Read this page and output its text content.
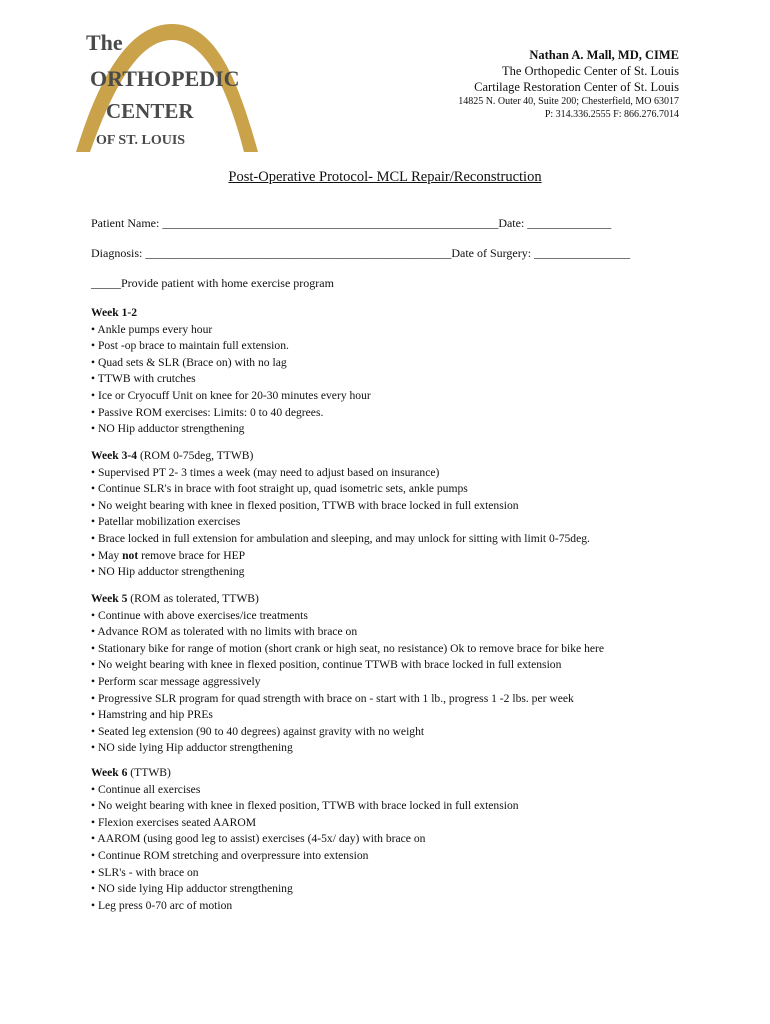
The
ORTHOPEDIC
CENTER
OF ST. LOUIS
Nathan A. Mall, MD, CIME
The Orthopedic Center of St. Louis
Cartilage Restoration Center of St. Louis
14825 N. Outer 40, Suite 200; Chesterfield, MO 63017
P: 314.336.2555 F: 866.276.7014
Post-Operative Protocol- MCL Repair/Reconstruction
Patient Name: ________________________________________________________Date: ______________
Diagnosis: ___________________________________________________Date of Surgery: ________________
_____Provide patient with home exercise program
Week 1-2
• Ankle pumps every hour
• Post -op brace to maintain full extension.
• Quad sets & SLR (Brace on) with no lag
• TTWB with crutches
• Ice or Cryocuff Unit on knee for 20-30 minutes every hour
• Passive ROM exercises: Limits: 0 to 40 degrees.
• NO Hip adductor strengthening
Week 3-4 (ROM 0-75deg, TTWB)
• Supervised PT 2- 3 times a week (may need to adjust based on insurance)
• Continue SLR's in brace with foot straight up, quad isometric sets, ankle pumps
• No weight bearing with knee in flexed position, TTWB with brace locked in full extension
• Patellar mobilization exercises
• Brace locked in full extension for ambulation and sleeping, and may unlock for sitting with limit 0-75deg.
• May not remove brace for HEP
• NO Hip adductor strengthening
Week 5 (ROM as tolerated, TTWB)
• Continue with above exercises/ice treatments
• Advance ROM as tolerated with no limits with brace on
• Stationary bike for range of motion (short crank or high seat, no resistance) Ok to remove brace for bike here
• No weight bearing with knee in flexed position, continue TTWB with brace locked in full extension
• Perform scar message aggressively
• Progressive SLR program for quad strength with brace on - start with 1 lb., progress 1 -2 lbs. per week
• Hamstring and hip PREs
• Seated leg extension (90 to 40 degrees) against gravity with no weight
• NO side lying Hip adductor strengthening
Week 6 (TTWB)
• Continue all exercises
• No weight bearing with knee in flexed position, TTWB with brace locked in full extension
• Flexion exercises seated AAROM
• AAROM (using good leg to assist) exercises (4-5x/ day) with brace on
• Continue ROM stretching and overpressure into extension
• SLR's - with brace on
• NO side lying Hip adductor strengthening
• Leg press 0-70 arc of motion
